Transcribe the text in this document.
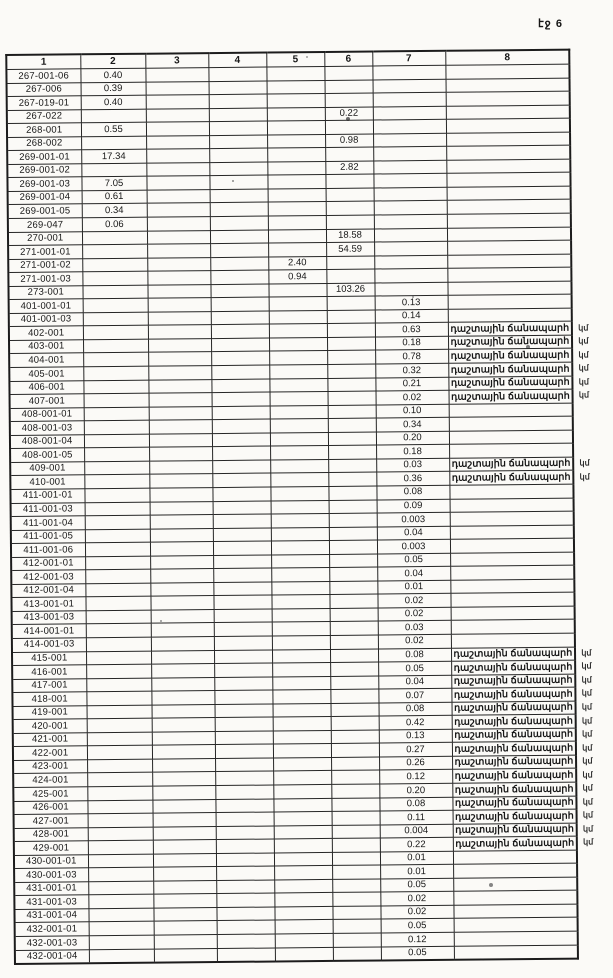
էջ 6
1	2	3	4	5	6	7	8	
267-001-06	0.40							
267-006	0.39							
267-019-01	0.40							
267-022					0.22			
268-001	0.55							
268-002					0.98			
269-001-01	17.34							
269-001-02					2.82			
269-001-03	7.05							
269-001-04	0.61							
269-001-05	0.34							
269-047	0.06							
270-001					18.58			
271-001-01					54.59			
271-001-02				2.40				
271-001-03				0.94				
273-001					103.26			
401-001-01						0.13		
401-001-03						0.14		
402-001						0.63	դաշտային ճանապարհ	կմ
403-001						0.18	դաշտային ճանապարհ	կմ
404-001						0.78	դաշտային ճանապարհ	կմ
405-001						0.32	դաշտային ճանապարհ	կմ
406-001						0.21	դաշտային ճանապարհ	կմ
407-001						0.02	դաշտային ճանապարհ	կմ
408-001-01						0.10		
408-001-03						0.34		
408-001-04						0.20		
408-001-05						0.18		
409-001						0.03	դաշտային ճանապարհ	կմ
410-001						0.36	դաշտային ճանապարհ	կմ
411-001-01						0.08		
411-001-03						0.09		
411-001-04						0.003		
411-001-05						0.04		
411-001-06						0.003		
412-001-01						0.05		
412-001-03						0.04		
412-001-04						0.01		
413-001-01						0.02		
413-001-03						0.02		
414-001-01						0.03		
414-001-03						0.02		
415-001						0.08	դաշտային ճանապարհ	կմ
416-001						0.05	դաշտային ճանապարհ	կմ
417-001						0.04	դաշտային ճանապարհ	կմ
418-001						0.07	դաշտային ճանապարհ	կմ
419-001						0.08	դաշտային ճանապարհ	կմ
420-001						0.42	դաշտային ճանապարհ	կմ
421-001						0.13	դաշտային ճանապարհ	կմ
422-001						0.27	դաշտային ճանապարհ	կմ
423-001						0.26	դաշտային ճանապարհ	կմ
424-001						0.12	դաշտային ճանապարհ	կմ
425-001						0.20	դաշտային ճանապարհ	կմ
426-001						0.08	դաշտային ճանապարհ	կմ
427-001						0.11	դաշտային ճանապարհ	կմ
428-001						0.004	դաշտային ճանապարհ	կմ
429-001						0.22	դաշտային ճանապարհ	կմ
430-001-01						0.01		
430-001-03						0.01		
431-001-01						0.05		
431-001-03						0.02		
431-001-04						0.02		
432-001-01						0.05		
432-001-03						0.12		
432-001-04						0.05		
